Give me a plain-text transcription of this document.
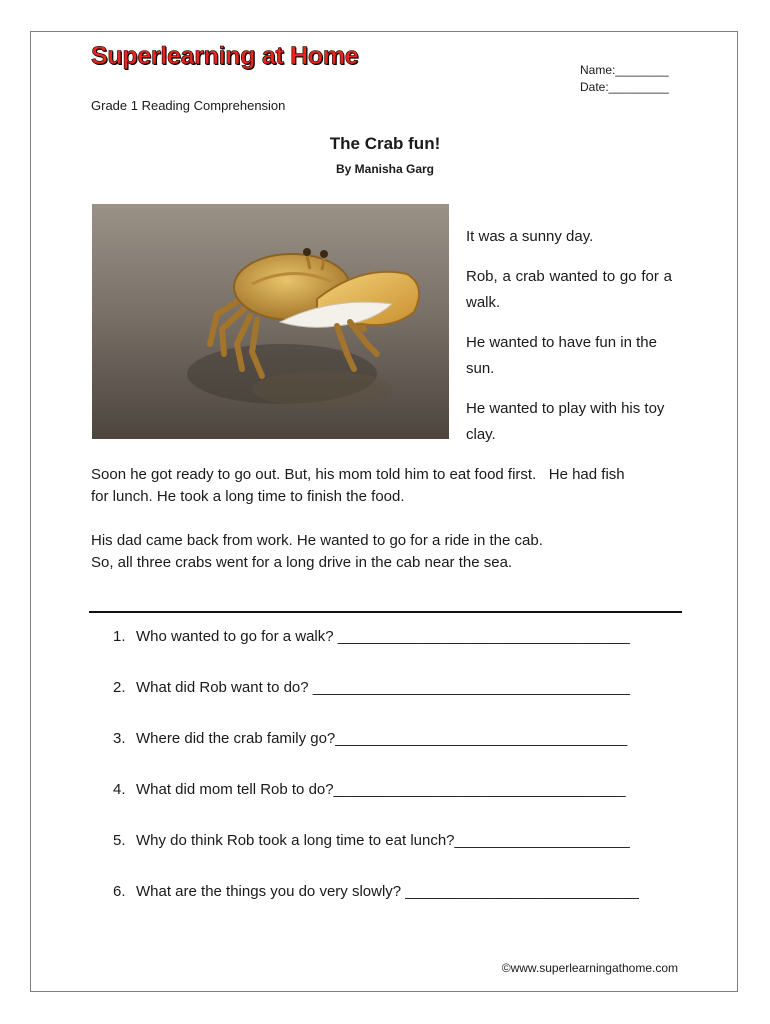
Superlearning at Home	Name:________
Date:_________
Grade 1 Reading Comprehension
The Crab fun!
By Manisha Garg

It was a sunny day.

Rob, a crab wanted to go for a walk.

He wanted to have fun in the sun.

He wanted to play with his toy clay.

Soon he got ready to go out. But, his mom told him to eat food first.   He had fish

for lunch. He took a long time to finish the food.

His dad came back from work. He wanted to go for a ride in the cab.

So, all three crabs went for a long drive in the cab near the sea.

1. Who wanted to go for a walk? ___________________________________
2. What did Rob want to do? ______________________________________
3. Where did the crab family go?___________________________________
4. What did mom tell Rob to do?___________________________________
5. Why do think Rob took a long time to eat lunch?_____________________
6. What are the things you do very slowly? ____________________________
©www.superlearningathome.com
